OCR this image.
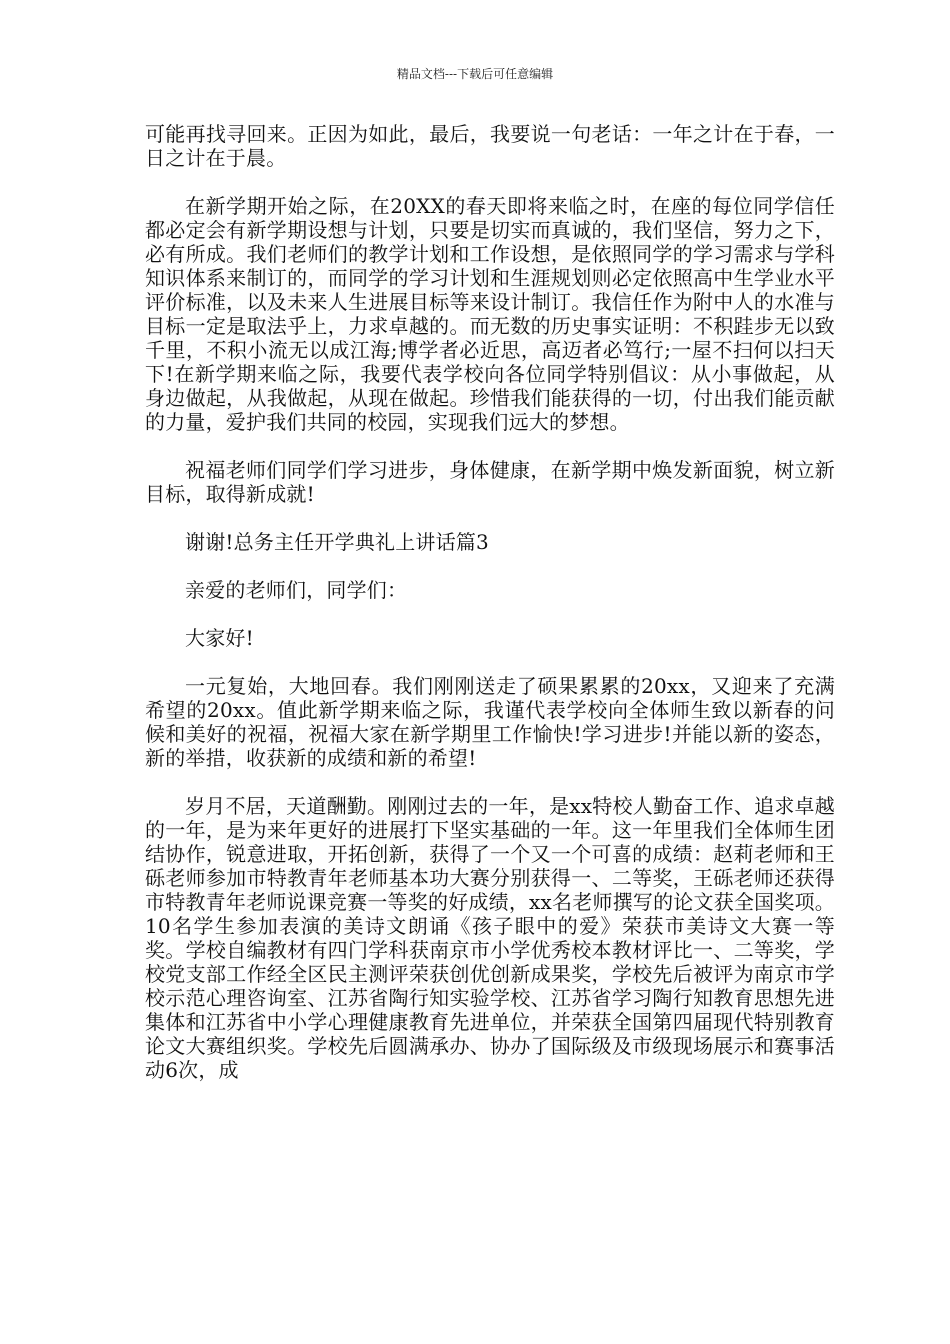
精品文档---下载后可任意编辑

可能再找寻回来。正因为如此，最后，我要说一句老话：一年之计在于春，一日之计在于晨。

在新学期开始之际，在20XX的春天即将来临之时，在座的每位同学信任都必定会有新学期设想与计划，只要是切实而真诚的，我们坚信，努力之下，必有所成。我们老师们的教学计划和工作设想，是依照同学的学习需求与学科知识体系来制订的，而同学的学习计划和生涯规划则必定依照高中生学业水平评价标准，以及未来人生进展目标等来设计制订。我信任作为附中人的水准与目标一定是取法乎上，力求卓越的。而无数的历史事实证明：不积跬步无以致千里，不积小流无以成江海;博学者必近思，高迈者必笃行;一屋不扫何以扫天下!在新学期来临之际，我要代表学校向各位同学特别倡议：从小事做起，从身边做起，从我做起，从现在做起。珍惜我们能获得的一切，付出我们能贡献的力量，爱护我们共同的校园，实现我们远大的梦想。

祝福老师们同学们学习进步，身体健康，在新学期中焕发新面貌，树立新目标，取得新成就!

谢谢!总务主任开学典礼上讲话篇3

亲爱的老师们，同学们：

大家好!

一元复始，大地回春。我们刚刚送走了硕果累累的20xx，又迎来了充满希望的20xx。值此新学期来临之际，我谨代表学校向全体师生致以新春的问候和美好的祝福，祝福大家在新学期里工作愉快!学习进步!并能以新的姿态，新的举措，收获新的成绩和新的希望!

岁月不居，天道酬勤。刚刚过去的一年，是xx特校人勤奋工作、追求卓越的一年，是为来年更好的进展打下坚实基础的一年。这一年里我们全体师生团结协作，锐意进取，开拓创新，获得了一个又一个可喜的成绩：赵莉老师和王砾老师参加市特教青年老师基本功大赛分别获得一、二等奖，王砾老师还获得市特教青年老师说课竞赛一等奖的好成绩，xx名老师撰写的论文获全国奖项。10名学生参加表演的美诗文朗诵《孩子眼中的爱》荣获市美诗文大赛一等奖。学校自编教材有四门学科获南京市小学优秀校本教材评比一、二等奖，学校党支部工作经全区民主测评荣获创优创新成果奖，学校先后被评为南京市学校示范心理咨询室、江苏省陶行知实验学校、江苏省学习陶行知教育思想先进集体和江苏省中小学心理健康教育先进单位，并荣获全国第四届现代特别教育论文大赛组织奖。学校先后圆满承办、协办了国际级及市级现场展示和赛事活动6次，成
